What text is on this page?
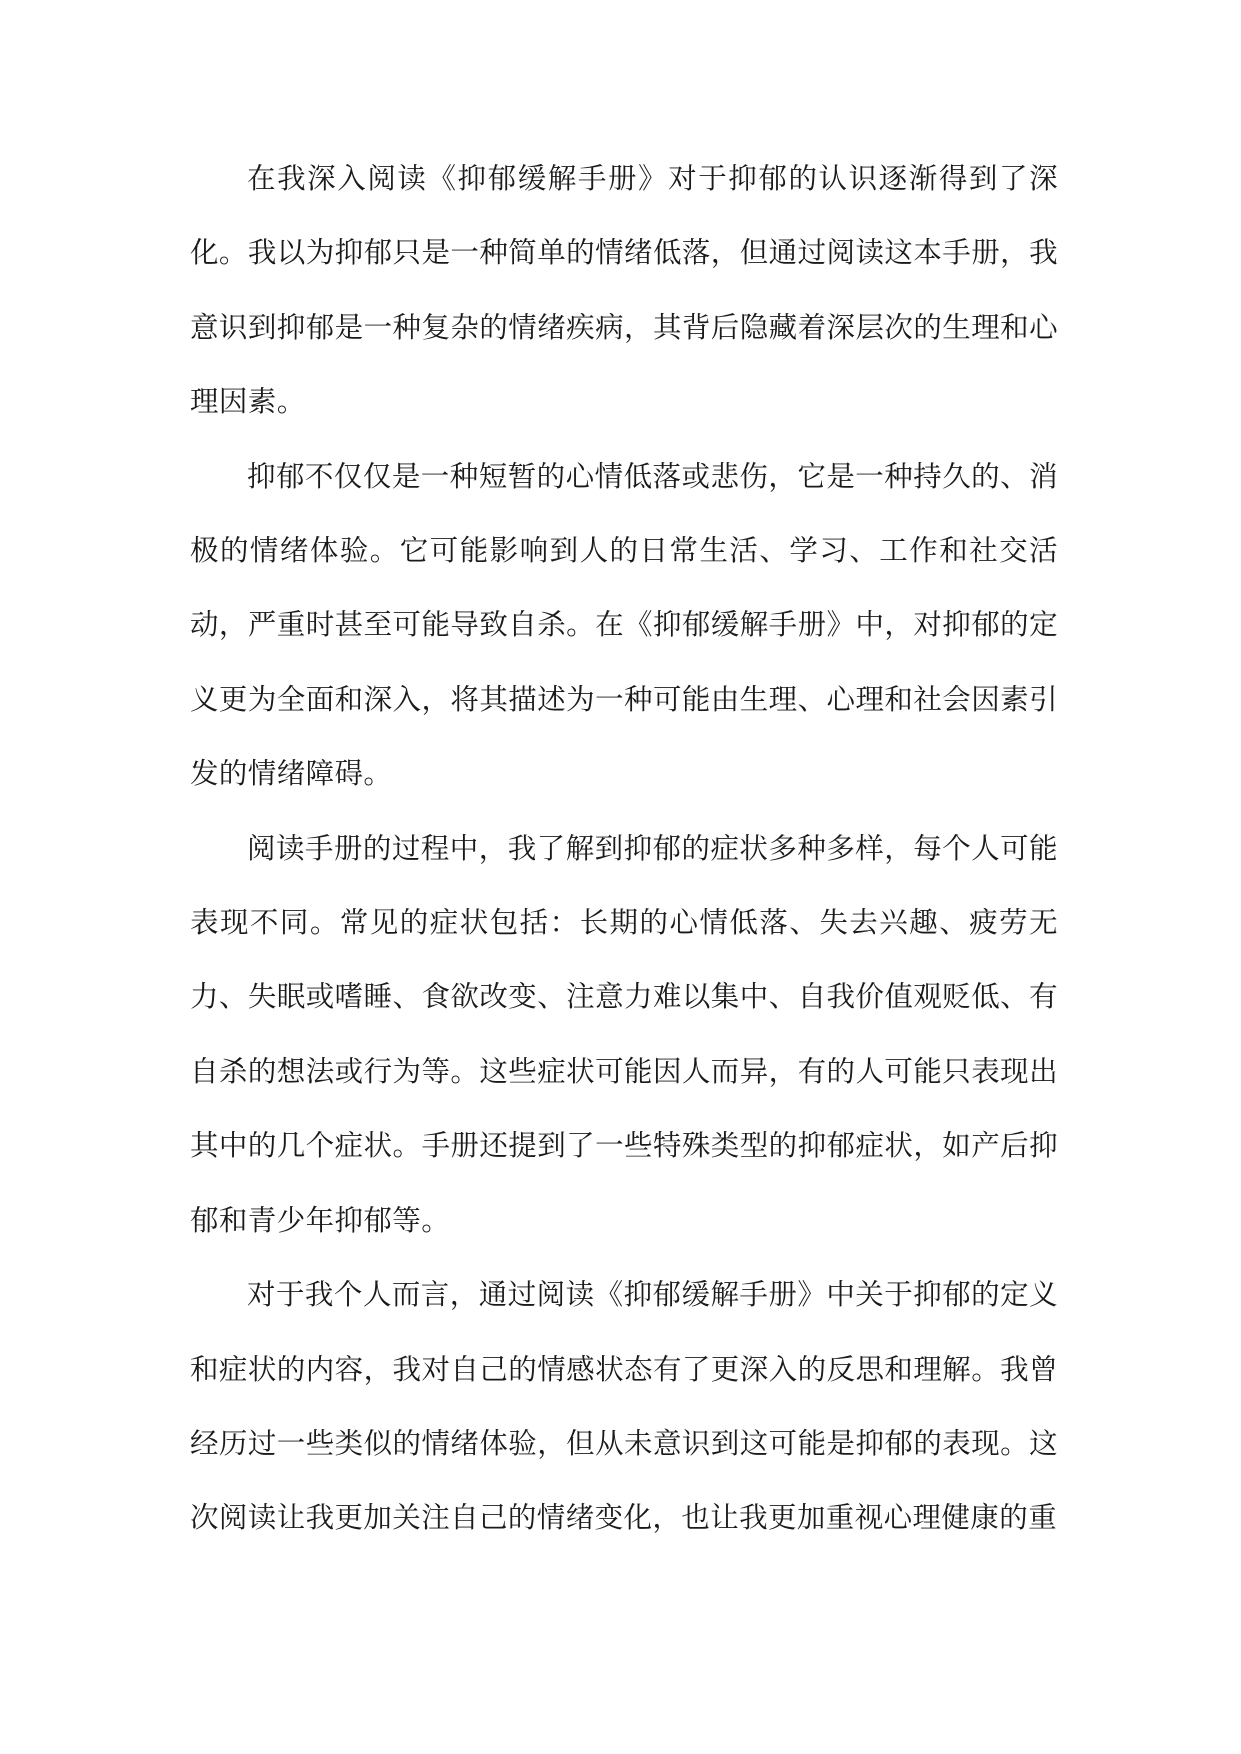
在我深入阅读《抑郁缓解手册》对于抑郁的认识逐渐得到了深化。我以为抑郁只是一种简单的情绪低落，但通过阅读这本手册，我意识到抑郁是一种复杂的情绪疾病，其背后隐藏着深层次的生理和心理因素。

抑郁不仅仅是一种短暂的心情低落或悲伤，它是一种持久的、消极的情绪体验。它可能影响到人的日常生活、学习、工作和社交活动，严重时甚至可能导致自杀。在《抑郁缓解手册》中，对抑郁的定义更为全面和深入，将其描述为一种可能由生理、心理和社会因素引发的情绪障碍。

阅读手册的过程中，我了解到抑郁的症状多种多样，每个人可能表现不同。常见的症状包括：长期的心情低落、失去兴趣、疲劳无力、失眠或嗜睡、食欲改变、注意力难以集中、自我价值观贬低、有自杀的想法或行为等。这些症状可能因人而异，有的人可能只表现出其中的几个症状。手册还提到了一些特殊类型的抑郁症状，如产后抑郁和青少年抑郁等。

对于我个人而言，通过阅读《抑郁缓解手册》中关于抑郁的定义和症状的内容，我对自己的情感状态有了更深入的反思和理解。我曾经历过一些类似的情绪体验，但从未意识到这可能是抑郁的表现。这次阅读让我更加关注自己的情绪变化，也让我更加重视心理健康的重
